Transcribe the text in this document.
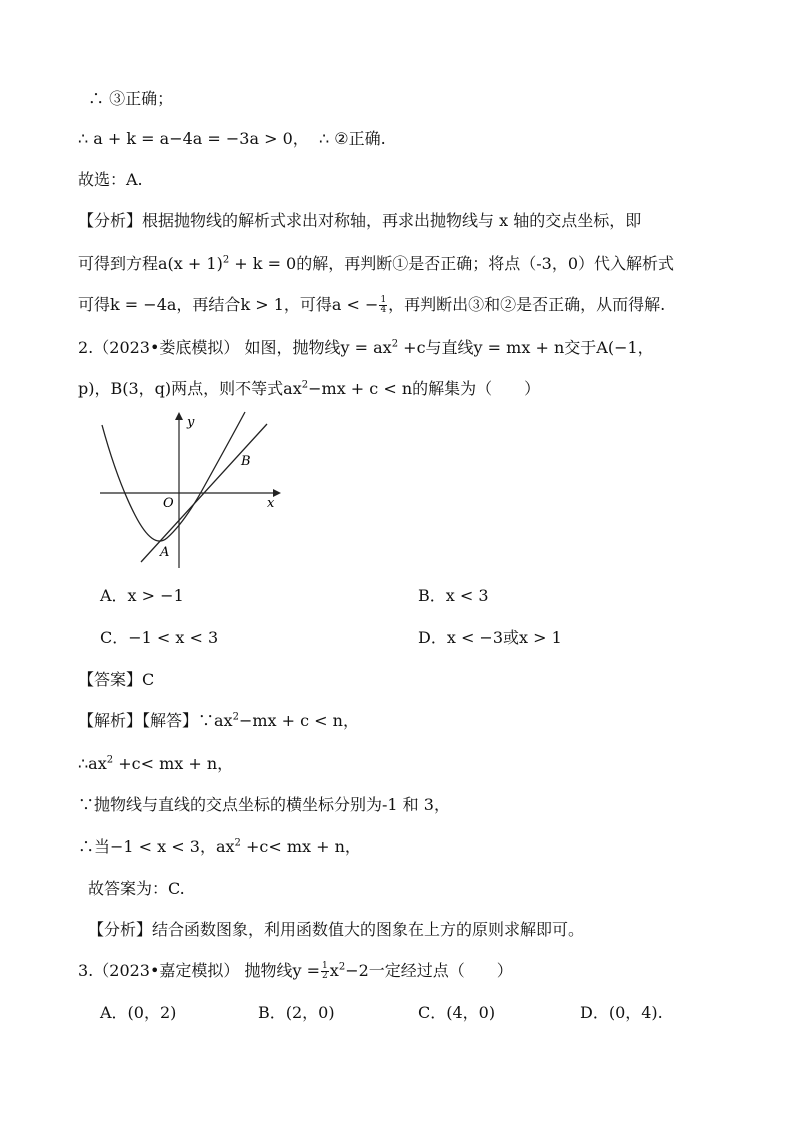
∴ ③正确；
∴ a + k = a−4a = −3a > 0， ∴ ②正确.
故选：A.
【分析】根据抛物线的解析式求出对称轴，再求出抛物线与 x 轴的交点坐标，即
可得到方程$a(x + 1)^2 + k = 0$的解，再判断①是否正确；将点（-3，0）代入解析式
可得k = −4a，再结合k > 1，可得a < − $\frac{1}{4}$ ，再判断出③和②是否正确，从而得解.
2.（2023•娄底模拟） 如图，抛物线$y = ax^2 +c$与直线y = mx + n交于A(−1，
p)，B(3，q)两点，则不等式$ax^2-mx + c < n$的解集为（　　）
y
x
O
A
B
A．x > −1	B．x < 3
C．−1 < x < 3	D．x < −3或x > 1
【答案】C
【解析】【解答】$\because ax^2-mx + c < n$，
$\therefore ax^2 +c<$ mx + n，
∵抛物线与直线的交点坐标的横坐标分别为-1 和 3，
∴当−1 < x < 3，$ax^2 +c<$ mx + n，
故答案为：C.
【分析】结合函数图象，利用函数值大的图象在上方的原则求解即可。
3.（2023•嘉定模拟） 抛物线$y = \frac{1}{2} x^2-2$一定经过点（　　）
A．(0，2)	B．(2，0)	C．(4，0)	D．(0，4).
